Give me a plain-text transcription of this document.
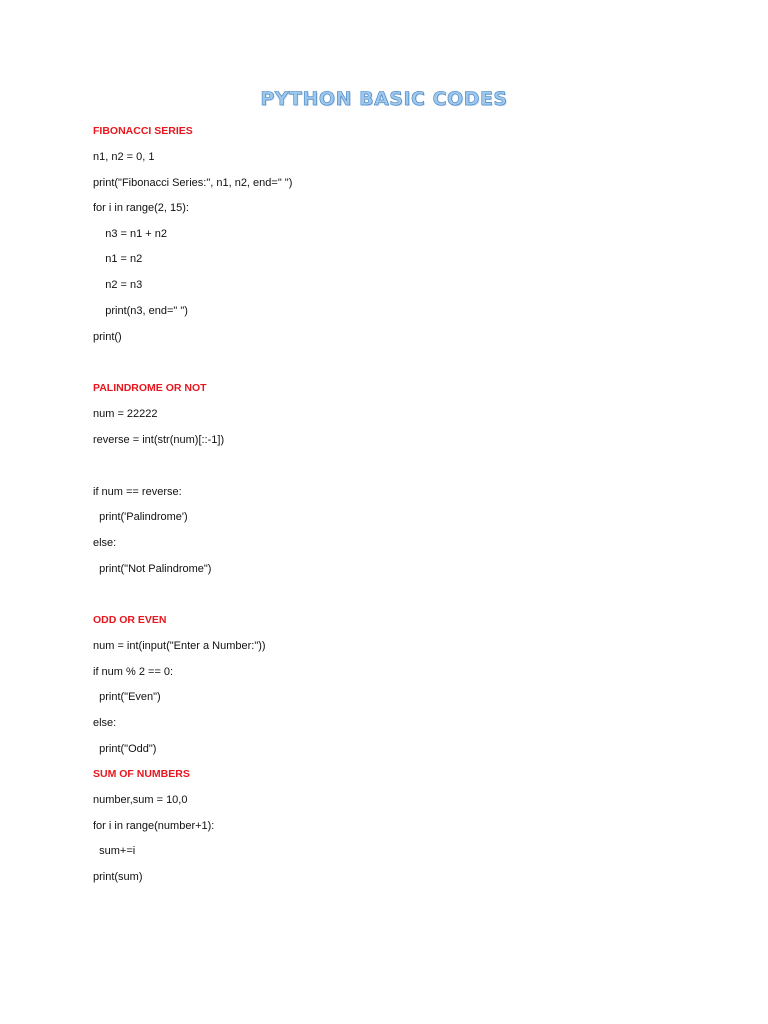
PYTHON BASIC CODES
FIBONACCI SERIES
n1, n2 = 0, 1
print("Fibonacci Series:", n1, n2, end=" ")
for i in range(2, 15):
n3 = n1 + n2
n1 = n2
n2 = n3
print(n3, end=" ")
print()
PALINDROME OR NOT
num = 22222
reverse = int(str(num)[::-1])
if num == reverse:
print('Palindrome')
else:
print("Not Palindrome")
ODD OR EVEN
num = int(input("Enter a Number:"))
if num % 2 == 0:
print("Even")
else:
print("Odd")
SUM OF NUMBERS
number,sum = 10,0
for i in range(number+1):
sum+=i
print(sum)
